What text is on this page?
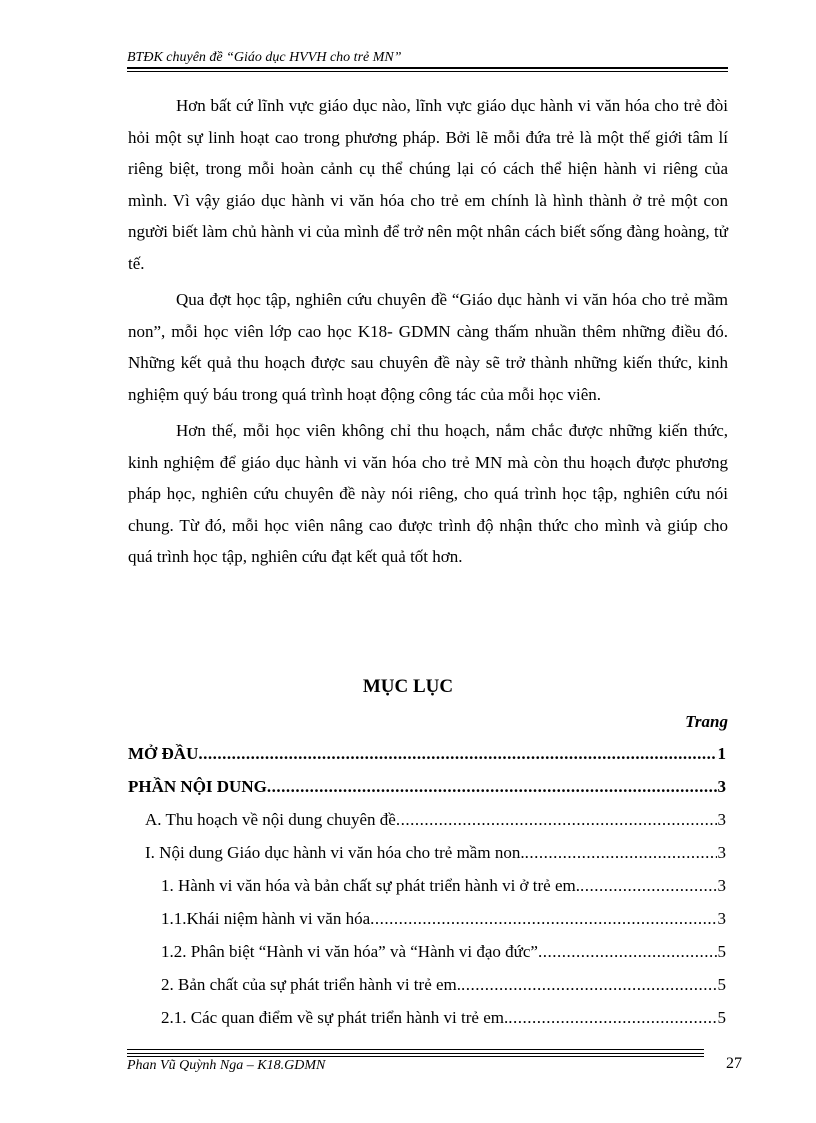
BTĐK chuyên đề “Giáo dục HVVH cho trẻ MN”

Hơn bất cứ lĩnh vực giáo dục nào, lĩnh vực giáo dục hành vi văn hóa cho trẻ đòi hỏi một sự linh hoạt cao trong phương pháp. Bởi lẽ mỗi đứa trẻ là một thế giới tâm lí riêng biệt, trong mỗi hoàn cảnh cụ thể chúng lại có cách thể hiện hành vi riêng của mình. Vì vậy giáo dục hành vi văn hóa cho trẻ em chính là hình thành ở trẻ một con người biết làm chủ hành vi của mình để trở nên một nhân cách biết sống đàng hoàng, tử tế.

Qua đợt học tập, nghiên cứu chuyên đề “Giáo dục hành vi văn hóa cho trẻ mầm non”, mỗi học viên lớp cao học K18- GDMN càng thấm nhuần thêm những điều đó. Những kết quả thu hoạch được sau chuyên đề này sẽ trở thành những kiến thức, kinh nghiệm quý báu trong quá trình hoạt động công tác của mỗi học viên.

Hơn thế, mỗi học viên không chỉ thu hoạch, nắm chắc được những kiến thức, kinh nghiệm để giáo dục hành vi văn hóa cho trẻ MN mà còn thu hoạch được phương pháp học, nghiên cứu chuyên đề này nói riêng, cho quá trình học tập, nghiên cứu nói chung. Từ đó, mỗi học viên nâng cao được trình độ nhận thức cho mình và giúp cho quá trình học tập, nghiên cứu đạt kết quả tốt hơn.

MỤC LỤC
Trang
MỞ ĐẦU .....	1
PHẦN NỘI DUNG .....	3
A. Thu hoạch về nội dung chuyên đề .....	3
I. Nội dung Giáo dục hành vi văn hóa cho trẻ mầm non. .....	3
1. Hành vi văn hóa và bản chất sự phát triển hành vi ở trẻ em. .....	3
1.1.Khái niệm hành vi văn hóa .....	3
1.2. Phân biệt “Hành vi văn hóa” và “Hành vi đạo đức” .....	5
2. Bản chất của sự phát triển hành vi trẻ em. .....	5
2.1. Các quan điểm về sự phát triển hành vi trẻ em. .....	5
Phan Vũ Quỳnh Nga – K18.GDMN	27
